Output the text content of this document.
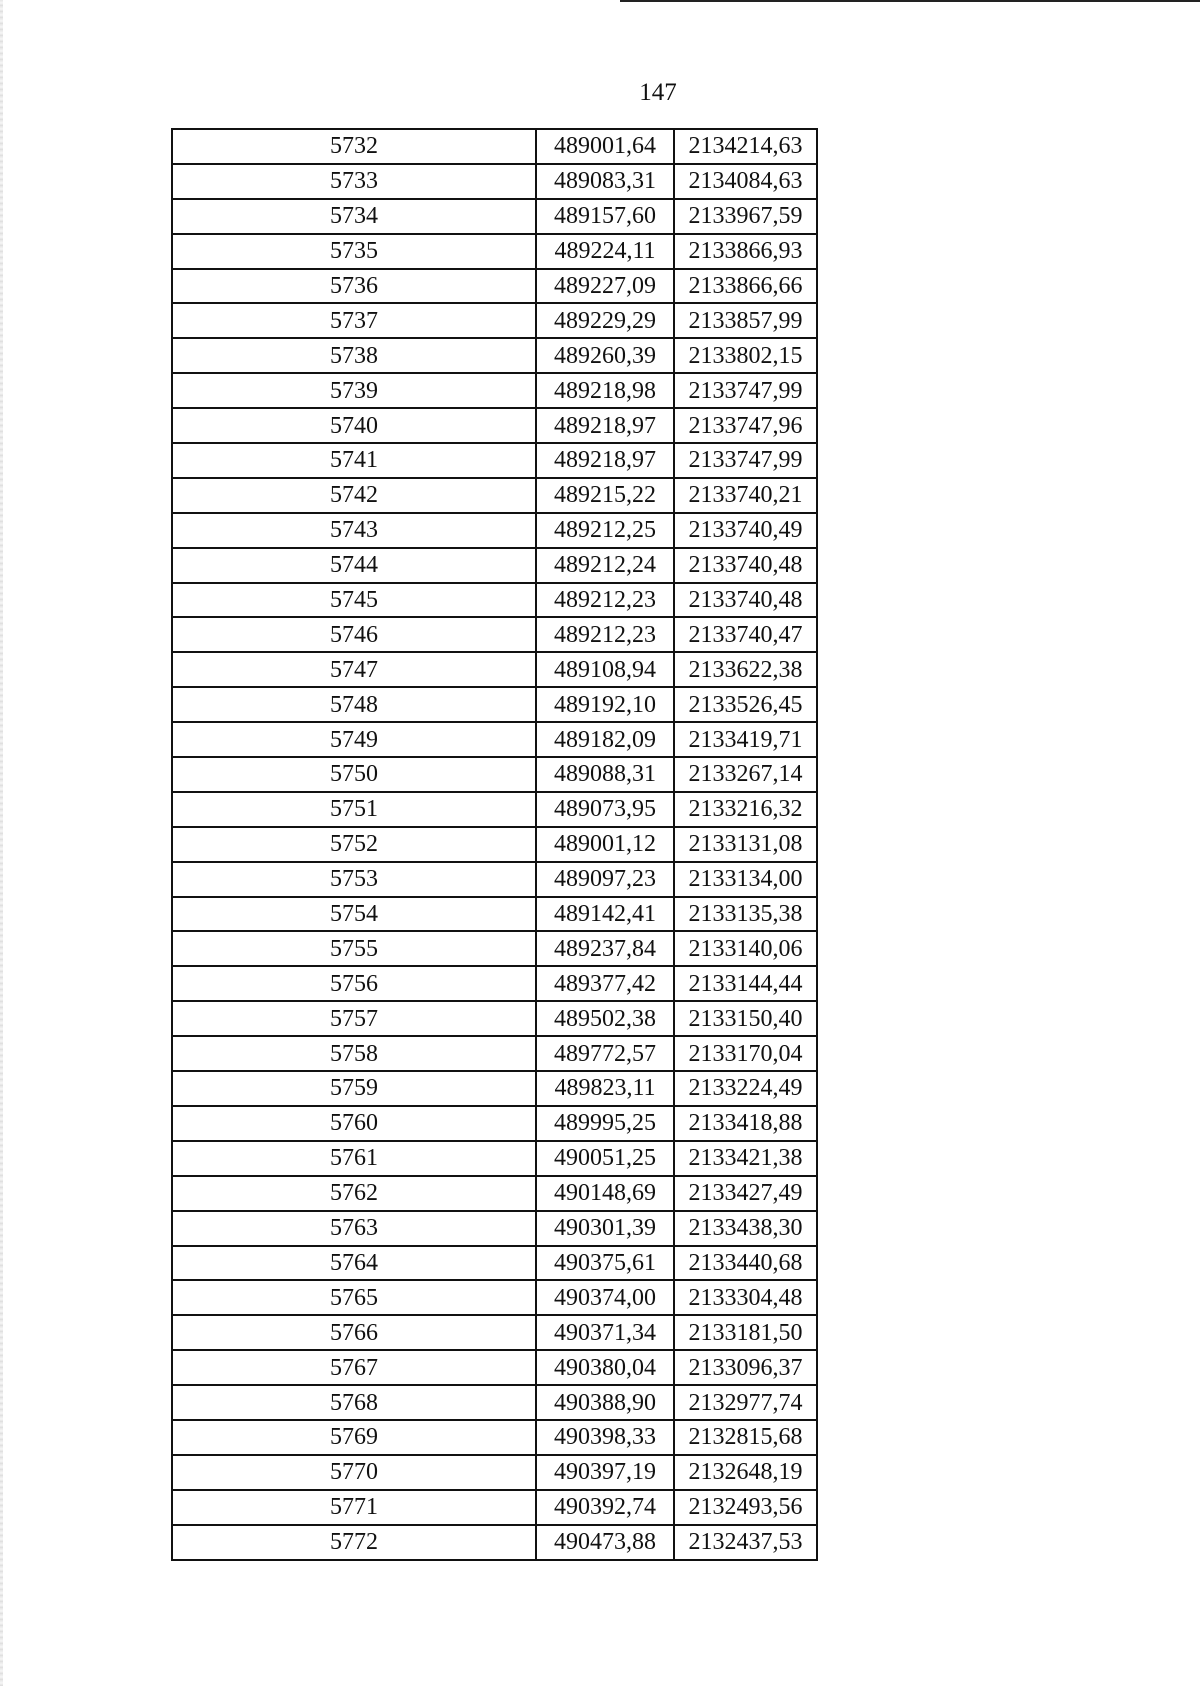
147
5732	489001,64	2134214,63
5733	489083,31	2134084,63
5734	489157,60	2133967,59
5735	489224,11	2133866,93
5736	489227,09	2133866,66
5737	489229,29	2133857,99
5738	489260,39	2133802,15
5739	489218,98	2133747,99
5740	489218,97	2133747,96
5741	489218,97	2133747,99
5742	489215,22	2133740,21
5743	489212,25	2133740,49
5744	489212,24	2133740,48
5745	489212,23	2133740,48
5746	489212,23	2133740,47
5747	489108,94	2133622,38
5748	489192,10	2133526,45
5749	489182,09	2133419,71
5750	489088,31	2133267,14
5751	489073,95	2133216,32
5752	489001,12	2133131,08
5753	489097,23	2133134,00
5754	489142,41	2133135,38
5755	489237,84	2133140,06
5756	489377,42	2133144,44
5757	489502,38	2133150,40
5758	489772,57	2133170,04
5759	489823,11	2133224,49
5760	489995,25	2133418,88
5761	490051,25	2133421,38
5762	490148,69	2133427,49
5763	490301,39	2133438,30
5764	490375,61	2133440,68
5765	490374,00	2133304,48
5766	490371,34	2133181,50
5767	490380,04	2133096,37
5768	490388,90	2132977,74
5769	490398,33	2132815,68
5770	490397,19	2132648,19
5771	490392,74	2132493,56
5772	490473,88	2132437,53
